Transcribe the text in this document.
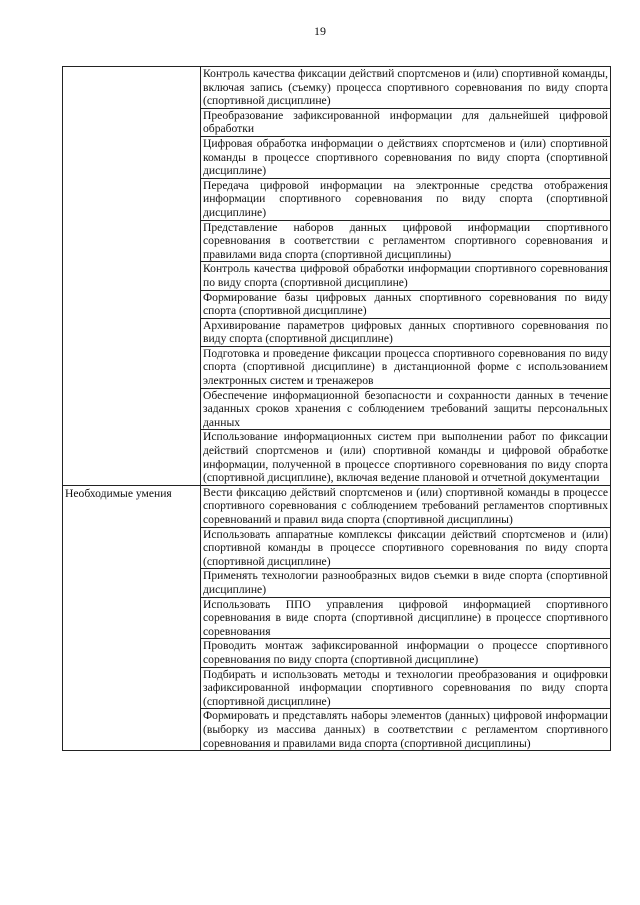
19
	Контроль качества фиксации действий спортсменов и (или) спортивной команды, включая запись (съемку) процесса спортивного соревнования по виду спорта (спортивной дисциплине)
	Преобразование зафиксированной информации для дальнейшей цифровой обработки
	Цифровая обработка информации о действиях спортсменов и (или) спортивной команды в процессе спортивного соревнования по виду спорта (спортивной дисциплине)
	Передача цифровой информации на электронные средства отображения информации спортивного соревнования по виду спорта (спортивной дисциплине)
	Представление наборов данных цифровой информации спортивного соревнования в соответствии с регламентом спортивного соревнования и правилами вида спорта (спортивной дисциплины)
	Контроль качества цифровой обработки информации спортивного соревнования по виду спорта (спортивной дисциплине)
	Формирование базы цифровых данных спортивного соревнования по виду спорта (спортивной дисциплине)
	Архивирование параметров цифровых данных спортивного соревнования по виду спорта (спортивной дисциплине)
	Подготовка и проведение фиксации процесса спортивного соревнования по виду спорта (спортивной дисциплине) в дистанционной форме с использованием электронных систем и тренажеров
	Обеспечение информационной безопасности и сохранности данных в течение заданных сроков хранения с соблюдением требований защиты персональных данных
	Использование информационных систем при выполнении работ по фиксации действий спортсменов и (или) спортивной команды и цифровой обработке информации, полученной в процессе спортивного соревнования по виду спорта (спортивной дисциплине), включая ведение плановой и отчетной документации
Необходимые умения	Вести фиксацию действий спортсменов и (или) спортивной команды в процессе спортивного соревнования с соблюдением требований регламентов спортивных соревнований и правил вида спорта (спортивной дисциплины)
	Использовать аппаратные комплексы фиксации действий спортсменов и (или) спортивной команды в процессе спортивного соревнования по виду спорта (спортивной дисциплине)
	Применять технологии разнообразных видов съемки в виде спорта (спортивной дисциплине)
	Использовать ППО управления цифровой информацией спортивного соревнования в виде спорта (спортивной дисциплине) в процессе спортивного соревнования
	Проводить монтаж зафиксированной информации о процессе спортивного соревнования по виду спорта (спортивной дисциплине)
	Подбирать и использовать методы и технологии преобразования и оцифровки зафиксированной информации спортивного соревнования по виду спорта (спортивной дисциплине)
	Формировать и представлять наборы элементов (данных) цифровой информации (выборку из массива данных) в соответствии с регламентом спортивного соревнования и правилами вида спорта (спортивной дисциплины)
